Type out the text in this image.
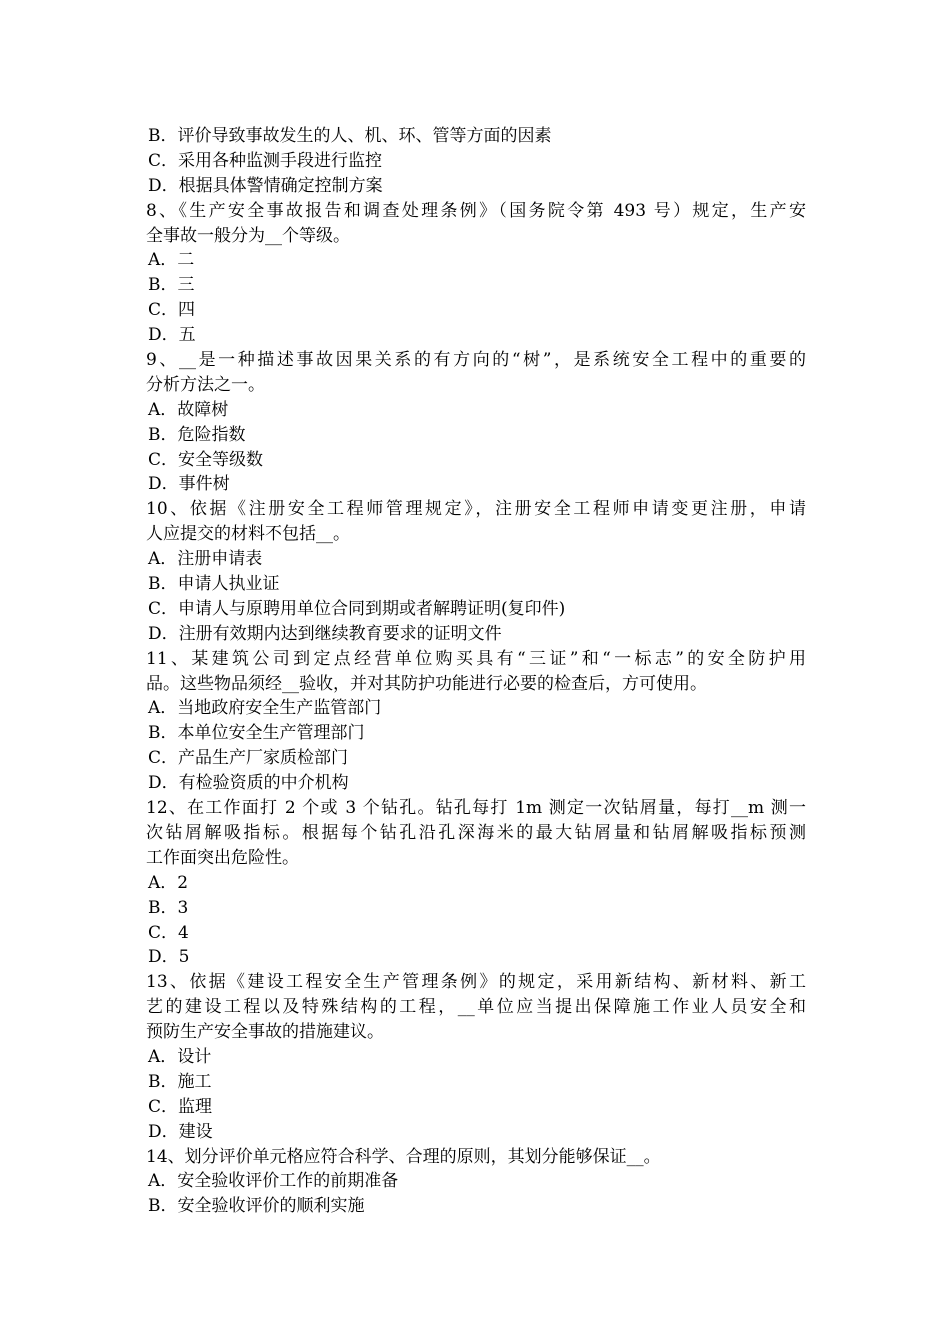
B．评价导致事故发生的人、机、环、管等方面的因素
C．采用各种监测手段进行监控
D．根据具体警情确定控制方案
8、《生产安全事故报告和调查处理条例》（国务院令第 493 号）规定，生产安
全事故一般分为__个等级。
A．二
B．三
C．四
D．五
9、__是一种描述事故因果关系的有方向的“树”，是系统安全工程中的重要的
分析方法之一。
A．故障树
B．危险指数
C．安全等级数
D．事件树
10、依据《注册安全工程师管理规定》，注册安全工程师申请变更注册，申请
人应提交的材料不包括__。
A．注册申请表
B．申请人执业证
C．申请人与原聘用单位合同到期或者解聘证明(复印件)
D．注册有效期内达到继续教育要求的证明文件
11、某建筑公司到定点经营单位购买具有“三证”和“一标志”的安全防护用
品。这些物品须经__验收，并对其防护功能进行必要的检查后，方可使用。
A．当地政府安全生产监管部门
B．本单位安全生产管理部门
C．产品生产厂家质检部门
D．有检验资质的中介机构
12、在工作面打 2 个或 3 个钻孔。钻孔每打 1m 测定一次钻屑量，每打__m 测一
次钻屑解吸指标。根据每个钻孔沿孔深海米的最大钻屑量和钻屑解吸指标预测
工作面突出危险性。
A．2
B．3
C．4
D．5
13、依据《建设工程安全生产管理条例》的规定，采用新结构、新材料、新工
艺的建设工程以及特殊结构的工程，__单位应当提出保障施工作业人员安全和
预防生产安全事故的措施建议。
A．设计
B．施工
C．监理
D．建设
14、划分评价单元格应符合科学、合理的原则，其划分能够保证__。
A．安全验收评价工作的前期准备
B．安全验收评价的顺利实施
